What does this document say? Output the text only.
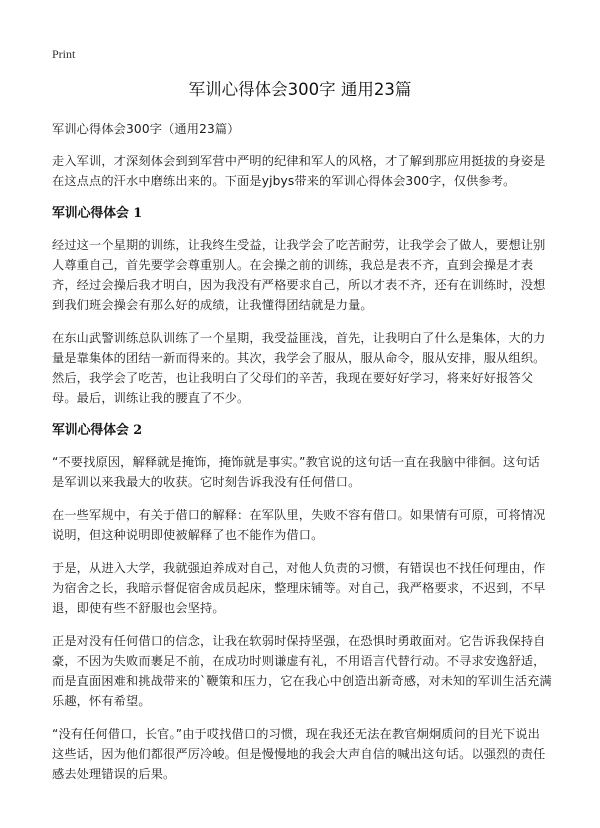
Print
军训心得体会300字 通用23篇

军训心得体会300字（通用23篇）

走入军训，才深刻体会到到军营中严明的纪律和军人的风格，才了解到那应用挺拔的身姿是在这点点的汗水中磨练出来的。下面是yjbys带来的军训心得体会300字，仅供参考。

军训心得体会 1

经过这一个星期的训练，让我终生受益，让我学会了吃苦耐劳，让我学会了做人，要想让别人尊重自己，首先要学会尊重别人。在会操之前的训练，我总是表不齐，直到会操是才表齐，经过会操后我才明白，因为我没有严格要求自己，所以才表不齐，还有在训练时，没想到我们班会操会有那么好的成绩，让我懂得团结就是力量。

在东山武警训练总队训练了一个星期，我受益匪浅，首先，让我明白了什么是集体，大的力量是靠集体的团结一新而得来的。其次，我学会了服从，服从命令，服从安排，服从组织。然后，我学会了吃苦，也让我明白了父母们的辛苦，我现在要好好学习，将来好好报答父母。最后，训练让我的腰直了不少。

军训心得体会 2

“不要找原因，解释就是掩饰，掩饰就是事实。”教官说的这句话一直在我脑中徘徊。这句话是军训以来我最大的收获。它时刻告诉我没有任何借口。

在一些军规中，有关于借口的解释：在军队里，失败不容有借口。如果情有可原，可将情况说明，但这种说明即使被解释了也不能作为借口。

于是，从进入大学，我就强迫养成对自己，对他人负责的习惯，有错误也不找任何理由，作为宿舍之长，我暗示督促宿舍成员起床，整理床铺等。对自己，我严格要求，不迟到，不早退，即使有些不舒服也会坚持。

正是对没有任何借口的信念，让我在软弱时保持坚强，在恐惧时勇敢面对。它告诉我保持自豪，不因为失败而裹足不前，在成功时则谦虚有礼，不用语言代替行动。不寻求安逸舒适，而是直面困难和挑战带来的`鞭策和压力，它在我心中创造出新奇感，对未知的军训生活充满乐趣，怀有希望。

“没有任何借口，长官。”由于哎找借口的习惯，现在我还无法在教官炯炯质问的目光下说出这些话，因为他们都很严厉冷峻。但是慢慢地的我会大声自信的喊出这句话。以强烈的责任感去处理错误的后果。
